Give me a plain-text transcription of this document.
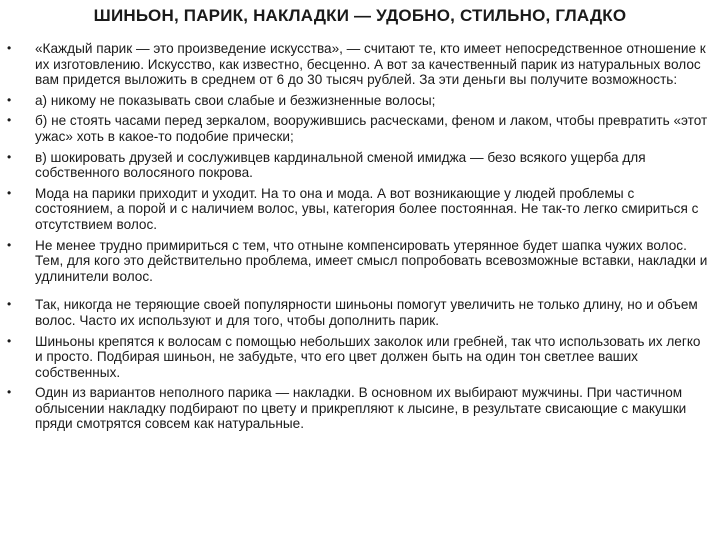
ШИНЬОН, ПАРИК, НАКЛАДКИ — УДОБНО, СТИЛЬНО, ГЛАДКО
• «Каждый парик — это произведение искусства», — считают те, кто имеет непосредственное отношение к их изготовлению. Искусство, как известно, бесценно. А вот за качественный парик из натуральных волос вам придется выложить в среднем от 6 до 30 тысяч рублей. За эти деньги вы получите возможность:
• а) никому не показывать свои слабые и безжизненные волосы;
• б) не стоять часами перед зеркалом, вооружившись расческами, феном и лаком, чтобы превратить «этот ужас» хоть в какое-то подобие прически;
• в) шокировать друзей и сослуживцев кардинальной сменой имиджа — безо всякого ущерба для собственного волосяного покрова.
• Мода на парики приходит и уходит. На то она и мода. А вот возникающие у людей проблемы с состоянием, а порой и с наличием волос, увы, категория более постоянная. Не так-то легко смириться с отсутствием волос.
• Не менее трудно примириться с тем, что отныне компенсировать утерянное будет шапка чужих волос. Тем, для кого это действительно проблема, имеет смысл попробовать всевозможные вставки, накладки и удлинители волос.
• Так, никогда не теряющие своей популярности шиньоны помогут увеличить не только длину, но и объем волос. Часто их используют и для того, чтобы дополнить парик.
• Шиньоны крепятся к волосам с помощью небольших заколок или гребней, так что использовать их легко и просто. Подбирая шиньон, не забудьте, что его цвет должен быть на один тон светлее ваших собственных.
• Один из вариантов неполного парика — накладки. В основном их выбирают мужчины. При частичном облысении накладку подбирают по цвету и прикрепляют к лысине, в результате свисающие с макушки пряди смотрятся совсем как натуральные.
